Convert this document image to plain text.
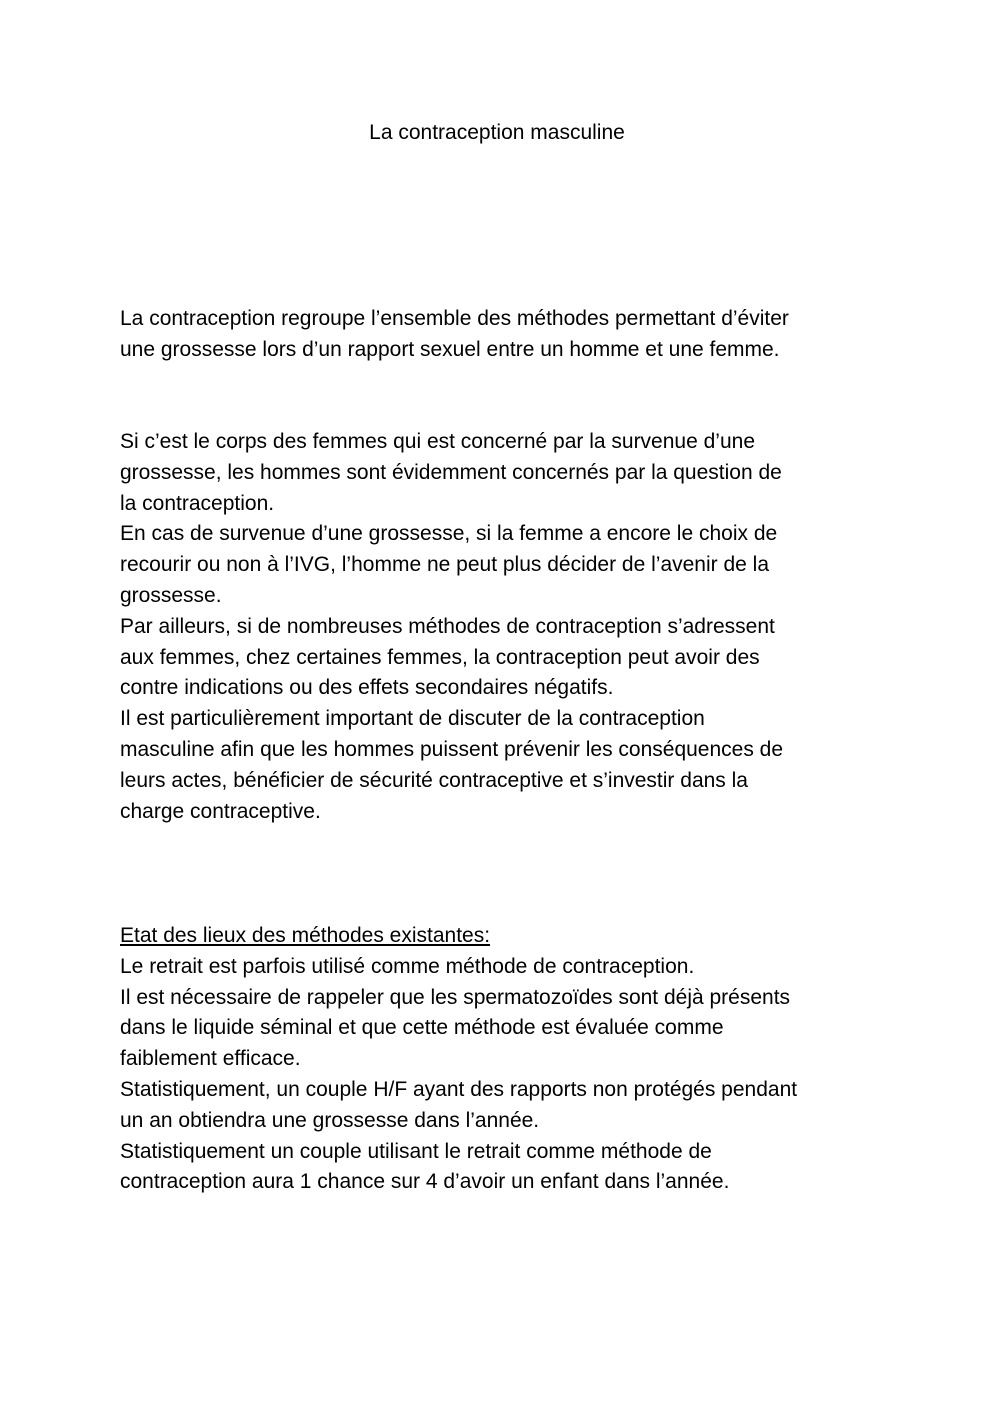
La contraception masculine
La contraception regroupe l’ensemble des méthodes permettant d’éviter
une grossesse lors d’un rapport sexuel entre un homme et une femme.
Si c’est le corps des femmes qui est concerné par la survenue d’une
grossesse, les hommes sont évidemment concernés par la question de
la contraception.
En cas de survenue d’une grossesse, si la femme a encore le choix de
recourir ou non à l’IVG, l’homme ne peut plus décider de l’avenir de la
grossesse.
Par ailleurs, si de nombreuses méthodes de contraception s’adressent
aux femmes, chez certaines femmes, la contraception peut avoir des
contre indications ou des effets secondaires négatifs.
Il est particulièrement important de discuter de la contraception
masculine afin que les hommes puissent prévenir les conséquences de
leurs actes, bénéficier de sécurité contraceptive et s’investir dans la
charge contraceptive.
Etat des lieux des méthodes existantes:
Le retrait est parfois utilisé comme méthode de contraception.
Il est nécessaire de rappeler que les spermatozoïdes sont déjà présents
dans le liquide séminal et que cette méthode est évaluée comme
faiblement efficace.
Statistiquement, un couple H/F ayant des rapports non protégés pendant
un an obtiendra une grossesse dans l’année.
Statistiquement un couple utilisant le retrait comme méthode de
contraception aura 1 chance sur 4 d’avoir un enfant dans l’année.
